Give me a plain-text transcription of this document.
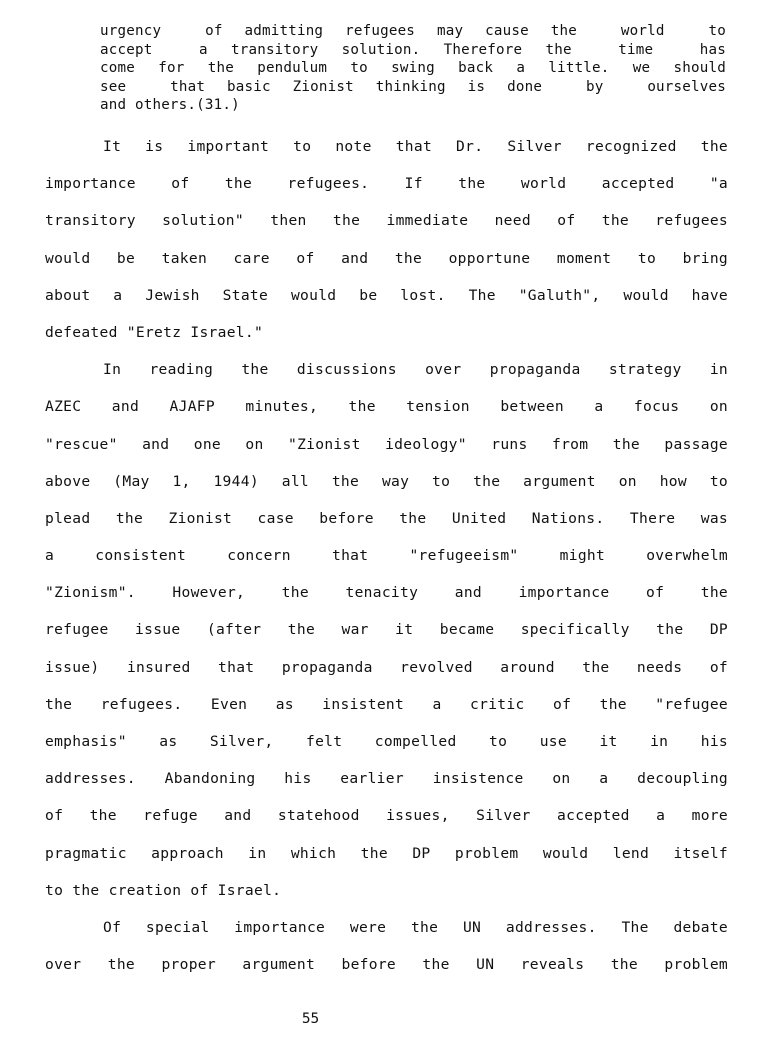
urgency  of admitting refugees may cause the  world  to
accept  a transitory solution. Therefore the  time  has
come for the pendulum to swing back a little. we should
see  that basic Zionist thinking is done  by  ourselves
and others.(31.)
It is important to note that Dr. Silver recognized the
importance of the refugees. If the world accepted "a
transitory solution" then the immediate need of the refugees
would be taken care of and the opportune moment to bring
about a Jewish State would be lost. The "Galuth", would have
defeated "Eretz Israel."
In reading the discussions over propaganda strategy in
AZEC and AJAFP minutes, the tension between a focus on
"rescue" and one on "Zionist ideology" runs from the passage
above (May 1, 1944) all the way to the argument on how to
plead the Zionist case before the United Nations. There was
a consistent concern that "refugeeism" might overwhelm
"Zionism". However, the tenacity and importance of the
refugee issue (after the war it became specifically the DP
issue) insured that propaganda revolved around the needs of
the refugees. Even as insistent a critic of the "refugee
emphasis" as Silver, felt compelled to use it in his
addresses. Abandoning his earlier insistence on a decoupling
of the refuge and statehood issues, Silver accepted a more
pragmatic approach in which the DP problem would lend itself
to the creation of Israel.
Of special importance were the UN addresses. The debate
over the proper argument before the UN reveals the problem
55
